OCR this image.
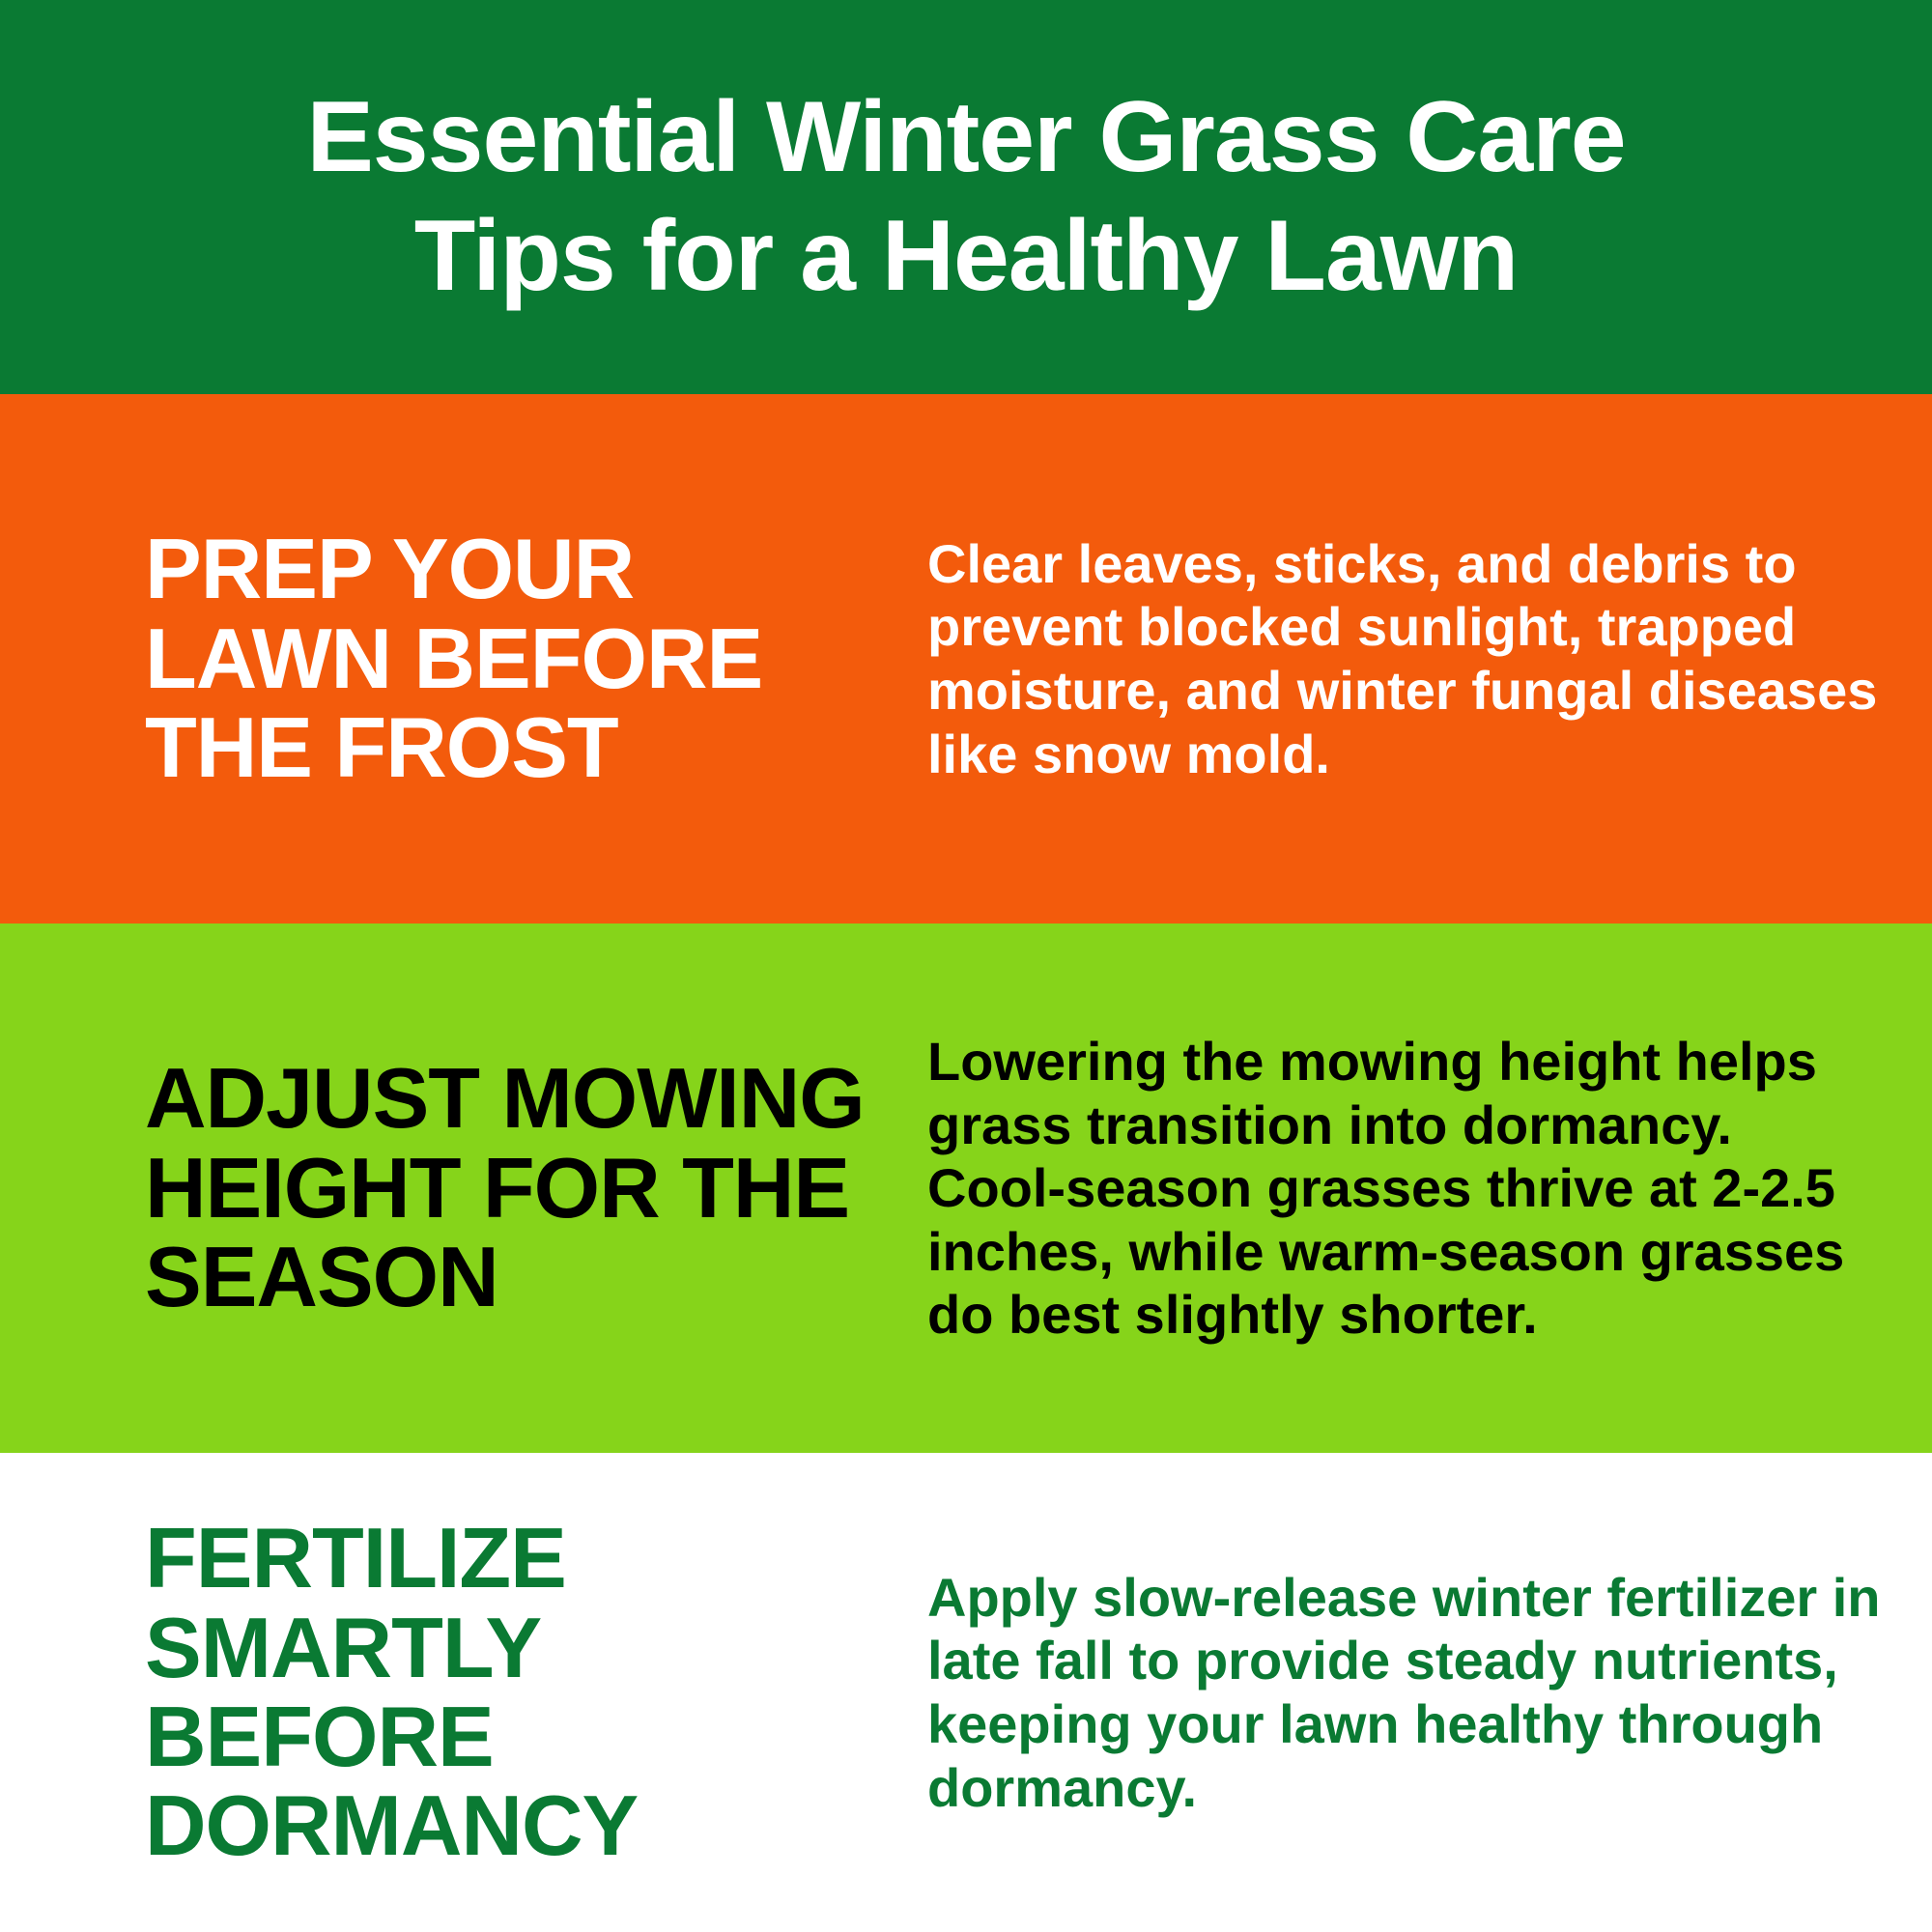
Essential Winter Grass Care
Tips for a Healthy Lawn
PREP YOUR LAWN BEFORE THE FROST
Clear leaves, sticks, and debris to prevent blocked sunlight, trapped moisture, and winter fungal diseases like snow mold.
ADJUST MOWING HEIGHT FOR THE SEASON
Lowering the mowing height helps grass transition into dormancy. Cool-season grasses thrive at 2-2.5 inches, while warm-season grasses do best slightly shorter.
FERTILIZE SMARTLY BEFORE DORMANCY
Apply slow-release winter fertilizer in late fall to provide steady nutrients, keeping your lawn healthy through dormancy.
